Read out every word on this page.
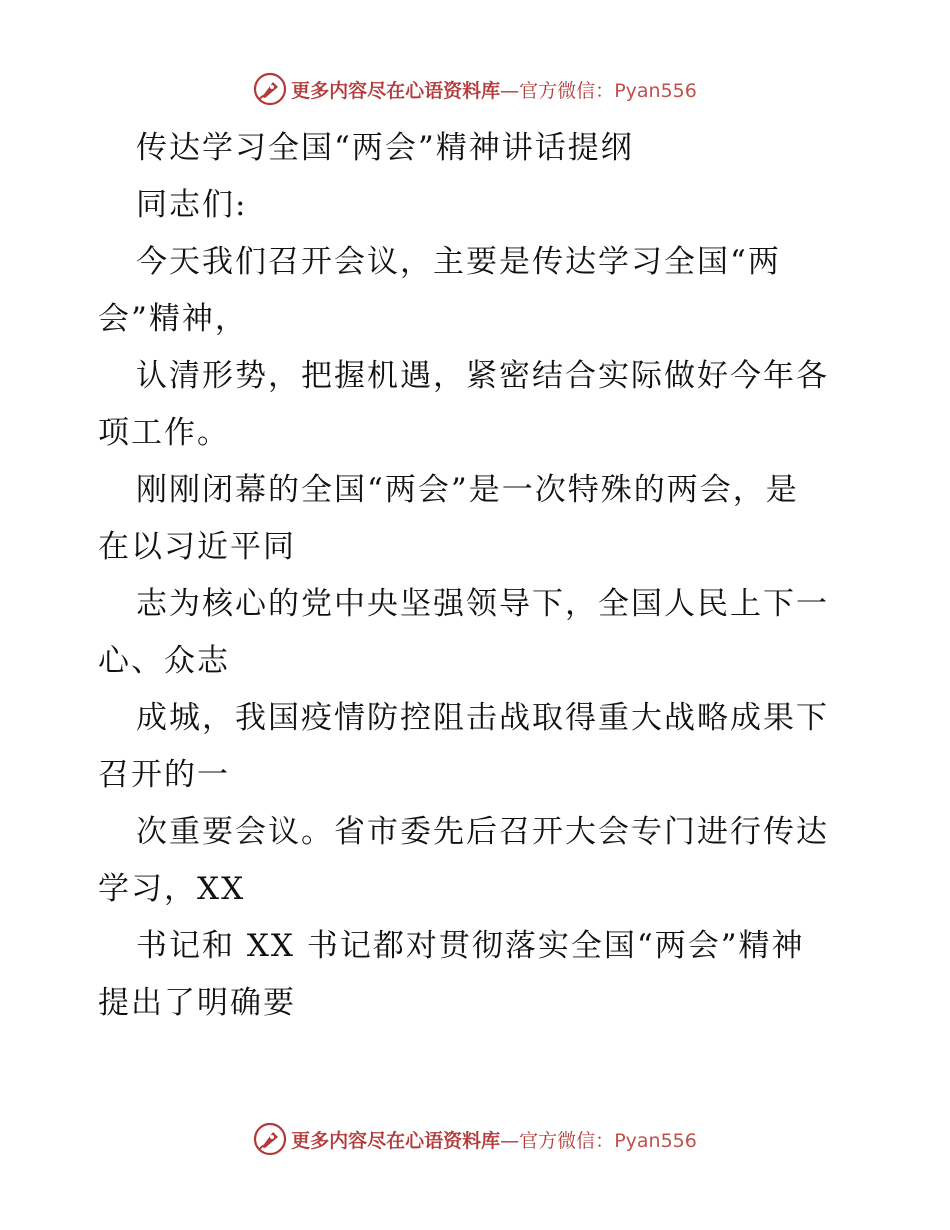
更多内容尽在心语资料库—官方微信：Pyan556
传达学习全国“两会”精神讲话提纲
同志们:
今天我们召开会议，主要是传达学习全国“两
会”精神，
认清形势，把握机遇，紧密结合实际做好今年各
项工作。
刚刚闭幕的全国“两会”是一次特殊的两会，是
在以习近平同
志为核心的党中央坚强领导下，全国人民上下一
心、众志
成城，我国疫情防控阻击战取得重大战略成果下
召开的一
次重要会议。省市委先后召开大会专门进行传达
学习，XX
书记和 XX 书记都对贯彻落实全国“两会”精神
提出了明确要
更多内容尽在心语资料库—官方微信：Pyan556
